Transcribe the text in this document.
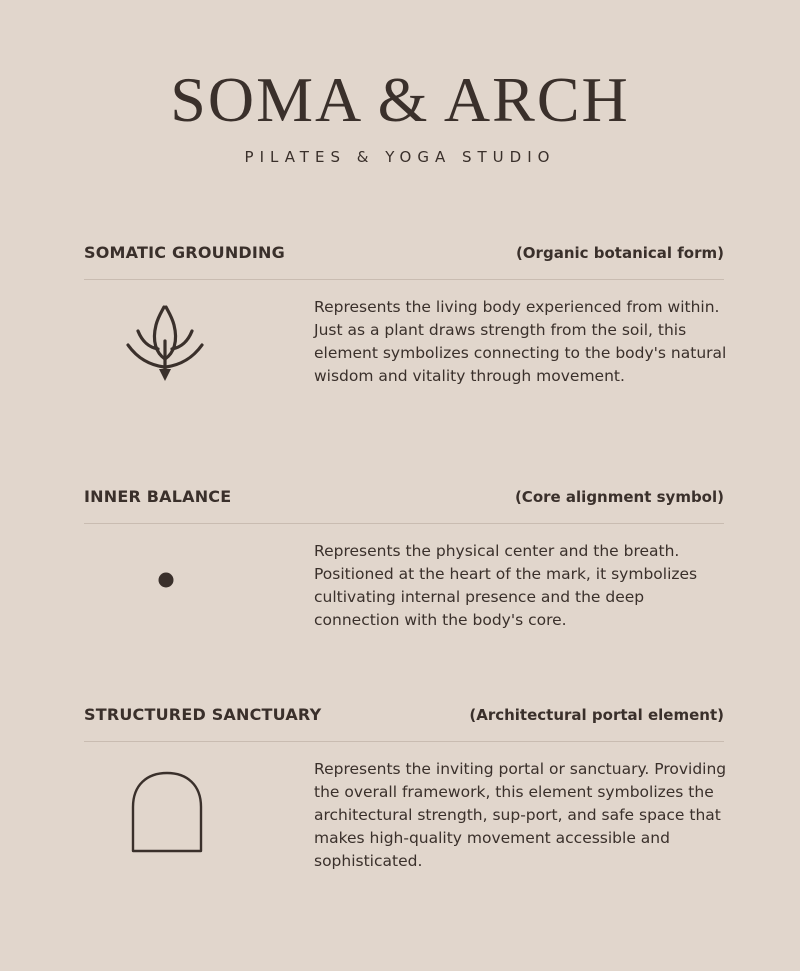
SOMA & ARCH
PILATES & YOGA STUDIO
SOMATIC GROUNDING	(Organic botanical form)

Represents the living body experienced from within. Just as a plant draws strength from the soil, this element symbolizes connecting to the body's natural wisdom and vitality through movement.

INNER BALANCE	(Core alignment symbol)

Represents the physical center and the breath. Positioned at the heart of the mark, it symbolizes cultivating internal presence and the deep connection with the body's core.

STRUCTURED SANCTUARY	(Architectural portal element)

Represents the inviting portal or sanctuary. Providing the overall framework, this element symbolizes the architectural strength, sup-port, and safe space that makes high-quality movement accessible and sophisticated.
